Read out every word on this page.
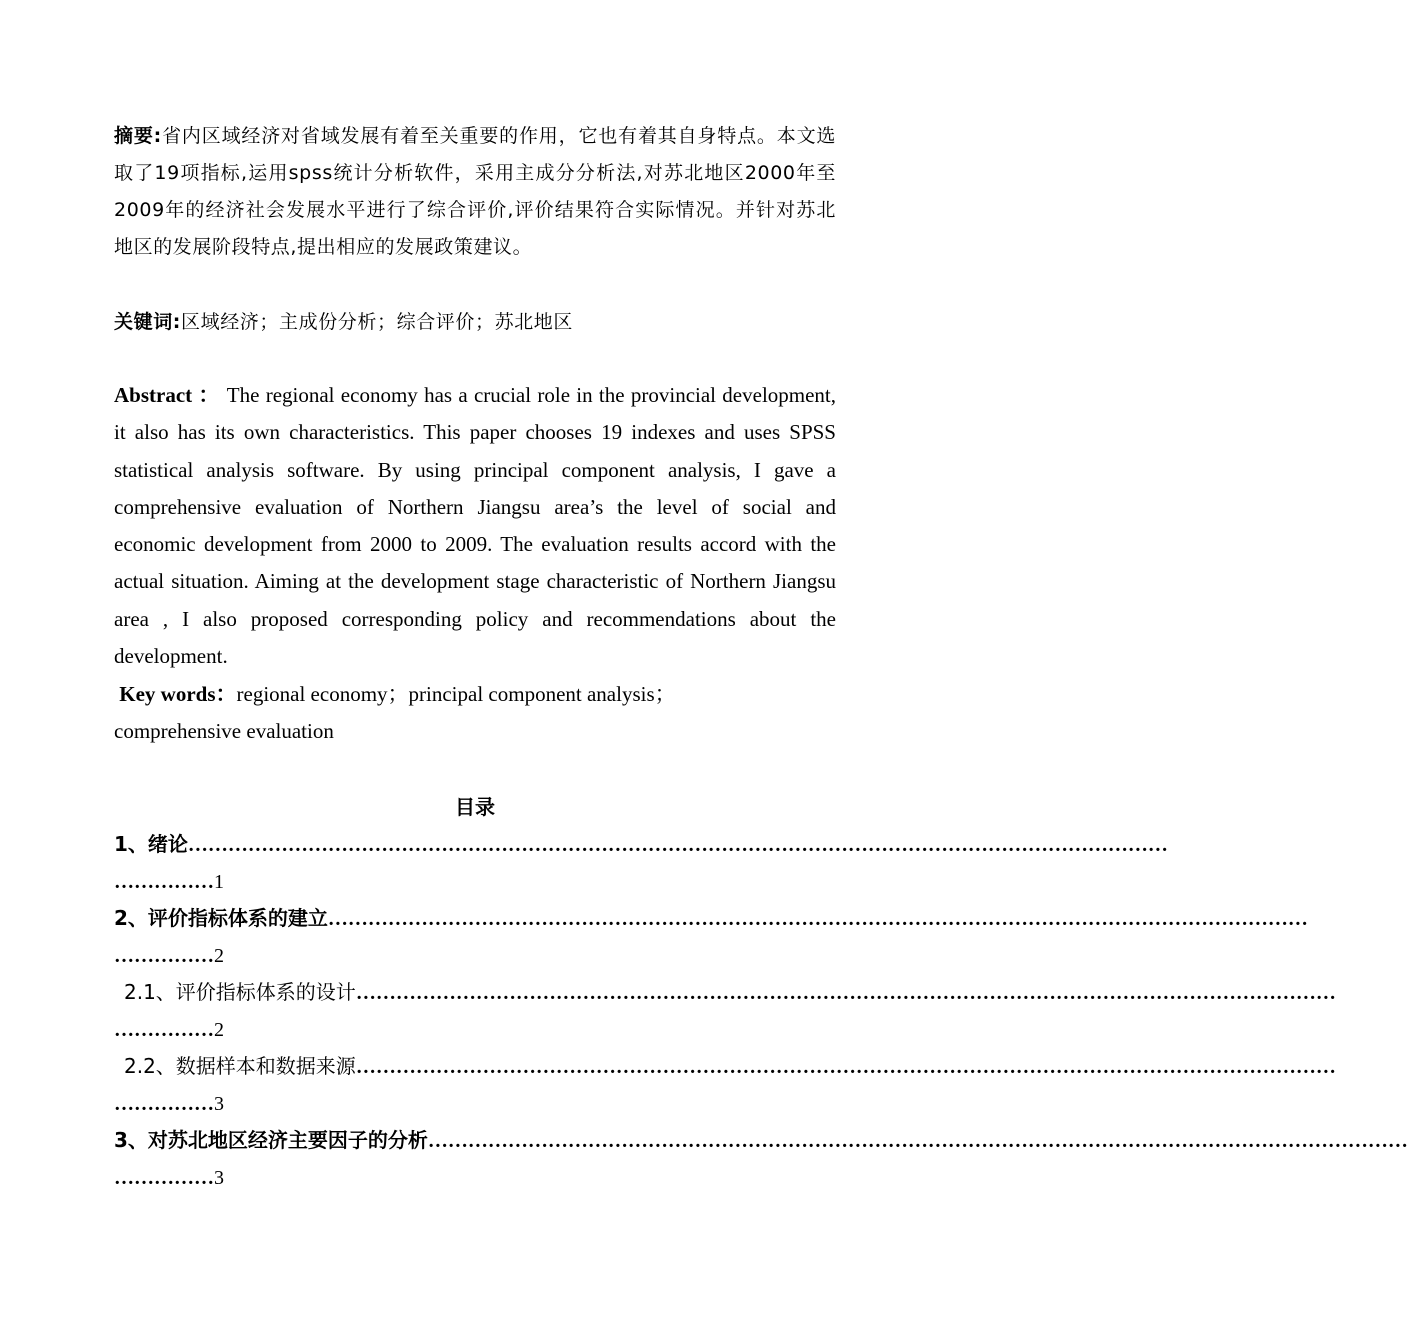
摘要:省内区域经济对省域发展有着至关重要的作用，它也有着其自身特点。本文选取了19项指标,运用spss统计分析软件，采用主成分分析法,对苏北地区2000年至2009年的经济社会发展水平进行了综合评价,评价结果符合实际情况。并针对苏北地区的发展阶段特点,提出相应的发展政策建议。
关键词:区域经济；主成份分析；综合评价；苏北地区
Abstract ： The regional economy has a crucial role in the provincial development, it also has its own characteristics. This paper chooses 19 indexes and uses SPSS statistical analysis software. By using principal component analysis, I gave a comprehensive evaluation of Northern Jiangsu area’s the level of social and economic development from 2000 to 2009. The evaluation results accord with the actual situation. Aiming at the development stage characteristic of Northern Jiangsu area , I also proposed corresponding policy and recommendations about the development.
Key words：regional economy；principal component analysis；
comprehensive evaluation
目录
1、绪论…………………………………………………………………………………………………………………………………
……………1
2、评价指标体系的建立…………………………………………………………………………………………………………………………………
……………2
2.1、评价指标体系的设计…………………………………………………………………………………………………………………………………
……………2
2.2、数据样本和数据来源…………………………………………………………………………………………………………………………………
……………3
3、对苏北地区经济主要因子的分析…………………………………………………………………………………………………………………………………
……………3
